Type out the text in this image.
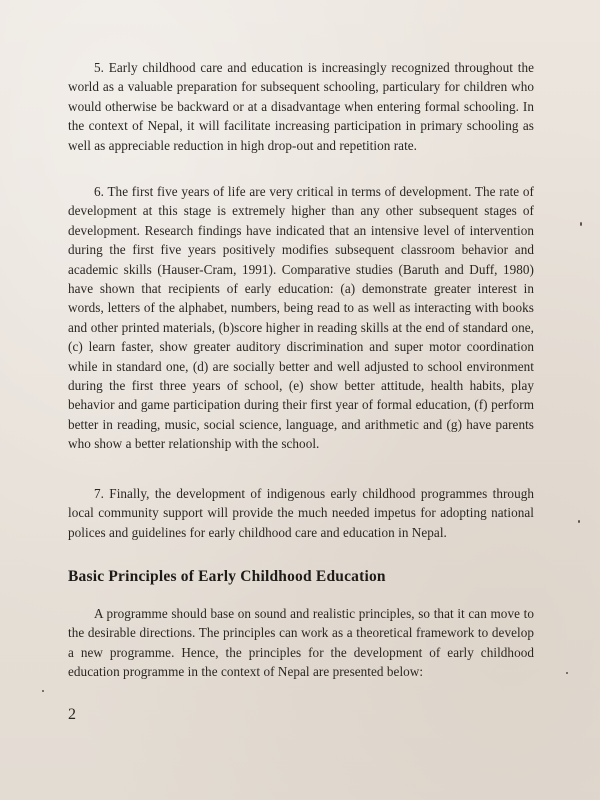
5. Early childhood care and education is increasingly recognized throughout the world as a valuable preparation for subsequent schooling, particulary for children who would otherwise be backward or at a disadvantage when entering formal schooling. In the context of Nepal, it will facilitate increasing participation in primary schooling as well as appreciable reduction in high drop-out and repetition rate.

6. The first five years of life are very critical in terms of development. The rate of development at this stage is extremely higher than any other subsequent stages of development. Research findings have indicated that an intensive level of intervention during the first five years positively modifies subsequent classroom behavior and academic skills (Hauser-Cram, 1991). Comparative studies (Baruth and Duff, 1980) have shown that recipients of early education: (a) demonstrate greater interest in words, letters of the alphabet, numbers, being read to as well as interacting with books and other printed materials, (b)score higher in reading skills at the end of standard one, (c) learn faster, show greater auditory discrimination and super motor coordination while in standard one, (d) are socially better and well adjusted to school environment during the first three years of school, (e) show better attitude, health habits, play behavior and game participation during their first year of formal education, (f) perform better in reading, music, social science, language, and arithmetic and (g) have parents who show a better relationship with the school.

7. Finally, the development of indigenous early childhood programmes through local community support will provide the much needed impetus for adopting national polices and guidelines for early childhood care and education in Nepal.

Basic Principles of Early Childhood Education

A programme should base on sound and realistic principles, so that it can move to the desirable directions. The principles can work as a theoretical framework to develop a new programme. Hence, the principles for the development of early childhood education programme in the context of Nepal are presented below:

2
